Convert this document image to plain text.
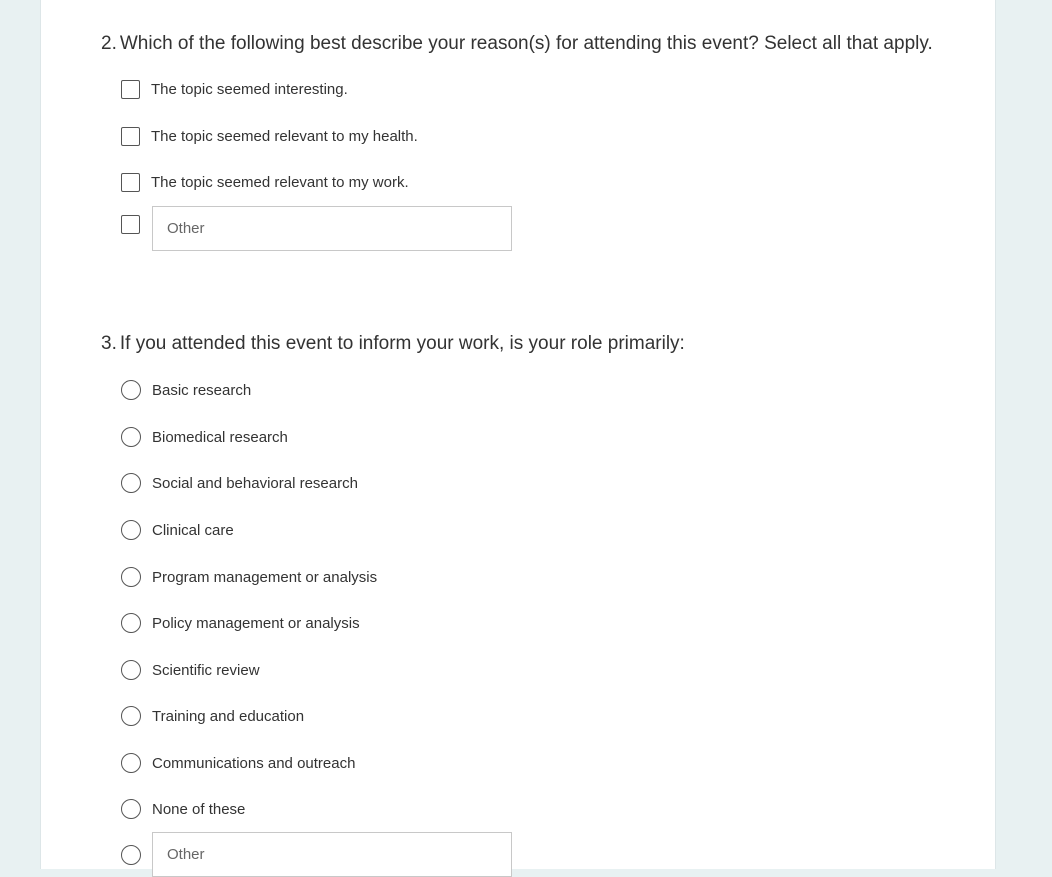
2. Which of the following best describe your reason(s) for attending this event? Select all that apply.
The topic seemed interesting.
The topic seemed relevant to my health.
The topic seemed relevant to my work.
Other
3. If you attended this event to inform your work, is your role primarily:
Basic research
Biomedical research
Social and behavioral research
Clinical care
Program management or analysis
Policy management or analysis
Scientific review
Training and education
Communications and outreach
None of these
Other
